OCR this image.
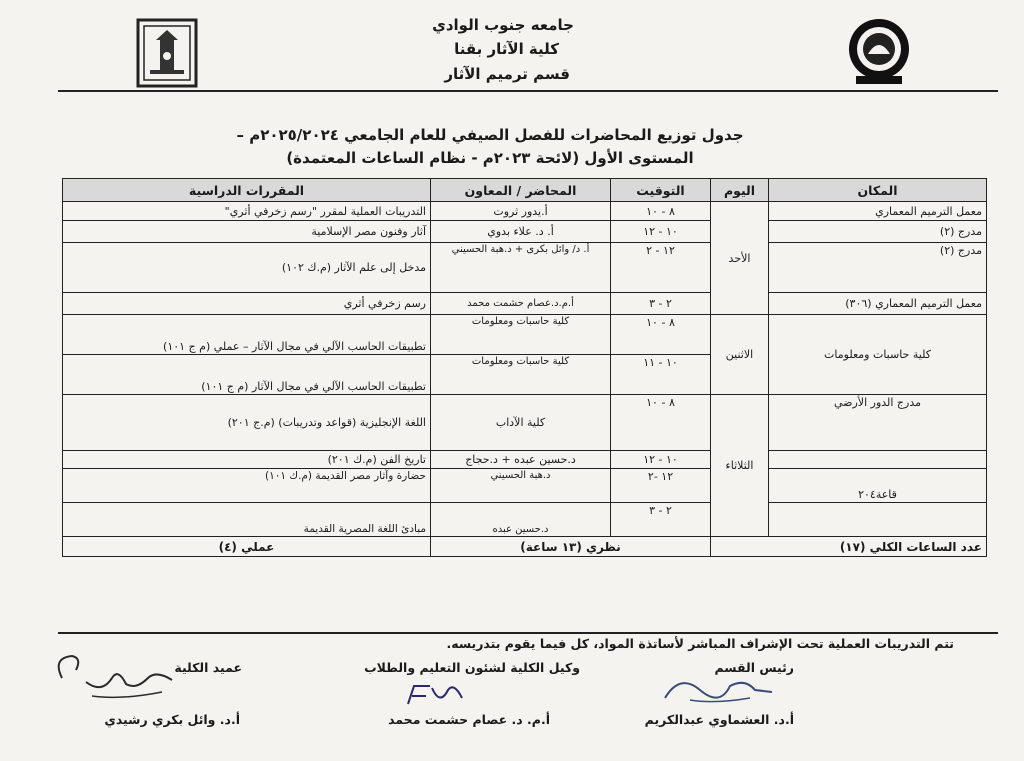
جامعه جنوب الوادي
كلية الآثار بقنا
قسم ترميم الآثار
جدول توزيع المحاضرات للفصل الصيفي للعام الجامعي ٢٠٢٥/٢٠٢٤م –
المستوى الأول (لائحة ٢٠٢٣م - نظام الساعات المعتمدة)
المكان	اليوم	التوقيت	المحاضر / المعاون	المقررات الدراسية
معمل الترميم المعماري	الأحد	٨ - ١٠	أ.يدور ثروت	التدريبات العملية لمقرر "رسم زخرفي أثري"
مدرج (٢)		١٠ - ١٢	أ. د. علاء بدوي	آثار وفنون مصر الإسلامية
مدرج (٢)		١٢ - ٢	أ. د/ وائل بكرى + د.هبة الحسيني	مدخل إلى علم الآثار (م.ك ١٠٢)
معمل الترميم المعماري (٣٠٦)		٢ - ٣	أ.م.د.عصام حشمت محمد	رسم زخرفي أثري
كلية حاسبات ومعلومات	الاثنين	٨ - ١٠	كلية حاسبات ومعلومات	تطبيقات الحاسب الآلي في مجال الآثار – عملي (م ج ١٠١)
		١٠ - ١١	كلية حاسبات ومعلومات	تطبيقات الحاسب الآلي في مجال الآثار (م ج ١٠١)
مدرج الدور الأرضي	الثلاثاء	٨ - ١٠	كلية الآداب	اللغة الإنجليزية (قواعد وتدريبات) (م.ج ٢٠١)
		١٠ - ١٢	د.حسين عبده + د.حجاج	تاريخ الفن (م.ك ٢٠١)
قاعة٢٠٤		١٢ -٢	د.هبة الحسيني	حضارة وآثار مصر القديمة (م.ك ١٠١)
		٢ - ٣	د.حسين عبده	مبادئ اللغة المصرية القديمة
عدد الساعات الكلي (١٧)		نظري (١٣ ساعة)		عملي (٤)
تتم التدريبات العملية تحت الإشراف المباشر لأساتذة المواد، كل فيما يقوم بتدريسه.
رئيس القسم
أ.د. العشماوي عبدالكريم
وكيل الكلية لشئون التعليم والطلاب
أ.م. د. عصام حشمت محمد
عميد الكلية
أ.د. وائل بكري رشيدي
